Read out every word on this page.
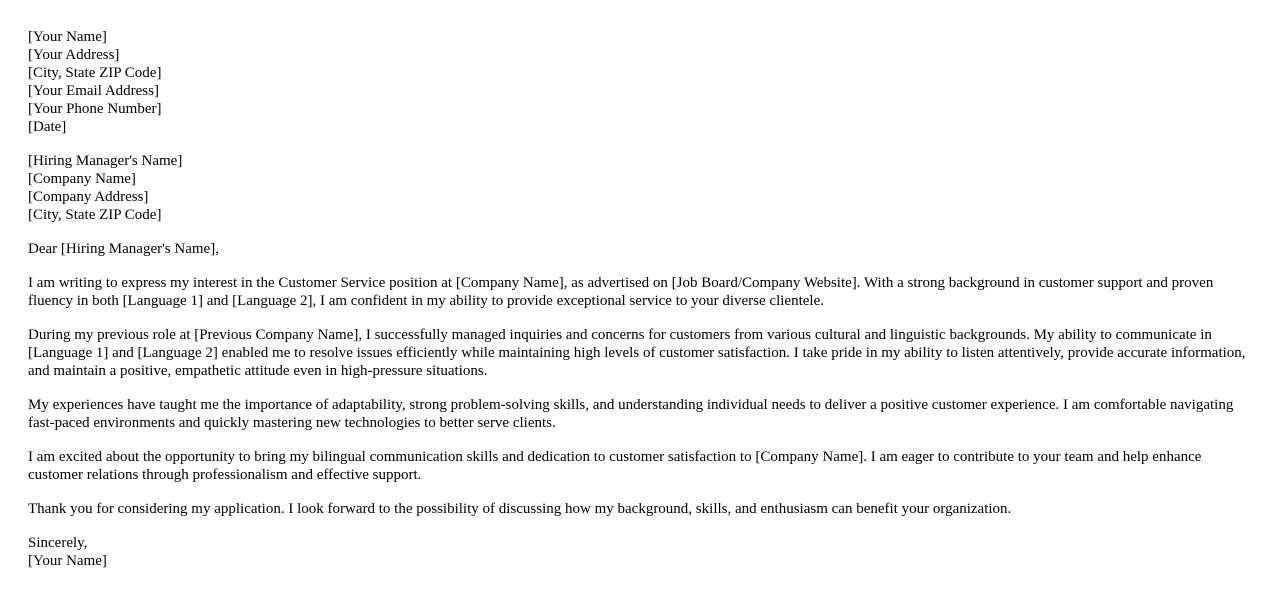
[Your Name]
[Your Address]
[City, State ZIP Code]
[Your Email Address]
[Your Phone Number]
[Date]
[Hiring Manager's Name]
[Company Name]
[Company Address]
[City, State ZIP Code]

Dear [Hiring Manager's Name],

I am writing to express my interest in the Customer Service position at [Company Name], as advertised on [Job Board/Company Website]. With a strong background in customer support and proven fluency in both [Language 1] and [Language 2], I am confident in my ability to provide exceptional service to your diverse clientele.

During my previous role at [Previous Company Name], I successfully managed inquiries and concerns for customers from various cultural and linguistic backgrounds. My ability to communicate in [Language 1] and [Language 2] enabled me to resolve issues efficiently while maintaining high levels of customer satisfaction. I take pride in my ability to listen attentively, provide accurate information, and maintain a positive, empathetic attitude even in high-pressure situations.

My experiences have taught me the importance of adaptability, strong problem-solving skills, and understanding individual needs to deliver a positive customer experience. I am comfortable navigating fast-paced environments and quickly mastering new technologies to better serve clients.

I am excited about the opportunity to bring my bilingual communication skills and dedication to customer satisfaction to [Company Name]. I am eager to contribute to your team and help enhance customer relations through professionalism and effective support.

Thank you for considering my application. I look forward to the possibility of discussing how my background, skills, and enthusiasm can benefit your organization.

Sincerely,
[Your Name]
